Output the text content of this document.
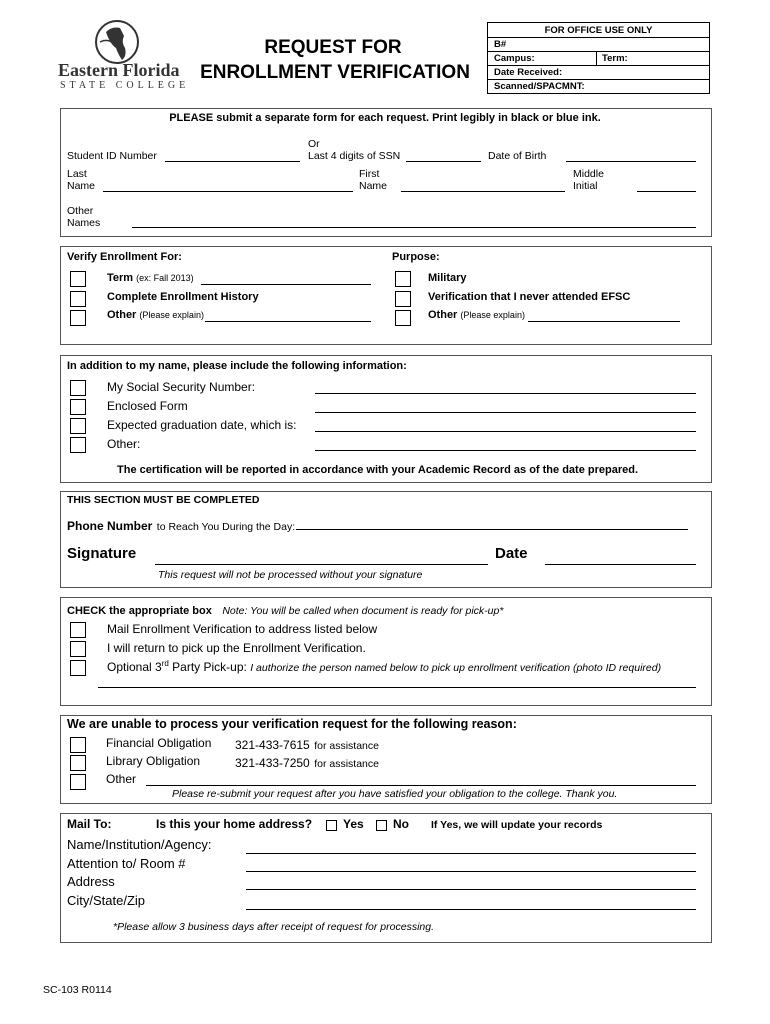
Eastern Florida
STATE COLLEGE
REQUEST FOR
ENROLLMENT VERIFICATION
FOR OFFICE USE ONLY
B#
Campus:	Term:
Date Received:
Scanned/SPACMNT:
PLEASE submit a separate form for each request. Print legibly in black or blue ink.
Student ID Number
Or
Last 4 digits of SSN	Date of Birth
Last
Name
First
Name
Middle
Initial
Other
Names
Verify Enrollment For:	Purpose:
Term (ex: Fall 2013)
Complete Enrollment History
Other (Please explain)
Military
Verification that I never attended EFSC
Other (Please explain)
In addition to my name, please include the following information:
My Social Security Number:
Enclosed Form
Expected graduation date, which is:
Other:
The certification will be reported in accordance with your Academic Record as of the date prepared.
THIS SECTION MUST BE COMPLETED
Phone Number to Reach You During the Day:
Signature	Date
This request will not be processed without your signature
CHECK the appropriate box Note: You will be called when document is ready for pick-up*
Mail Enrollment Verification to address listed below
I will return to pick up the Enrollment Verification.
Optional 3rd Party Pick-up: I authorize the person named below to pick up enrollment verification (photo ID required)
We are unable to process your verification request for the following reason:
Financial Obligation 321-433-7615 for assistance
Library Obligation	321-433-7250 for assistance
Other
Please re-submit your request after you have satisfied your obligation to the college. Thank you.
Mail To:	Is this your home address?	Yes No If Yes, we will update your records
Name/Institution/Agency:
Attention to/ Room #
Address
City/State/Zip
*Please allow 3 business days after receipt of request for processing.
SC-103 R0114
